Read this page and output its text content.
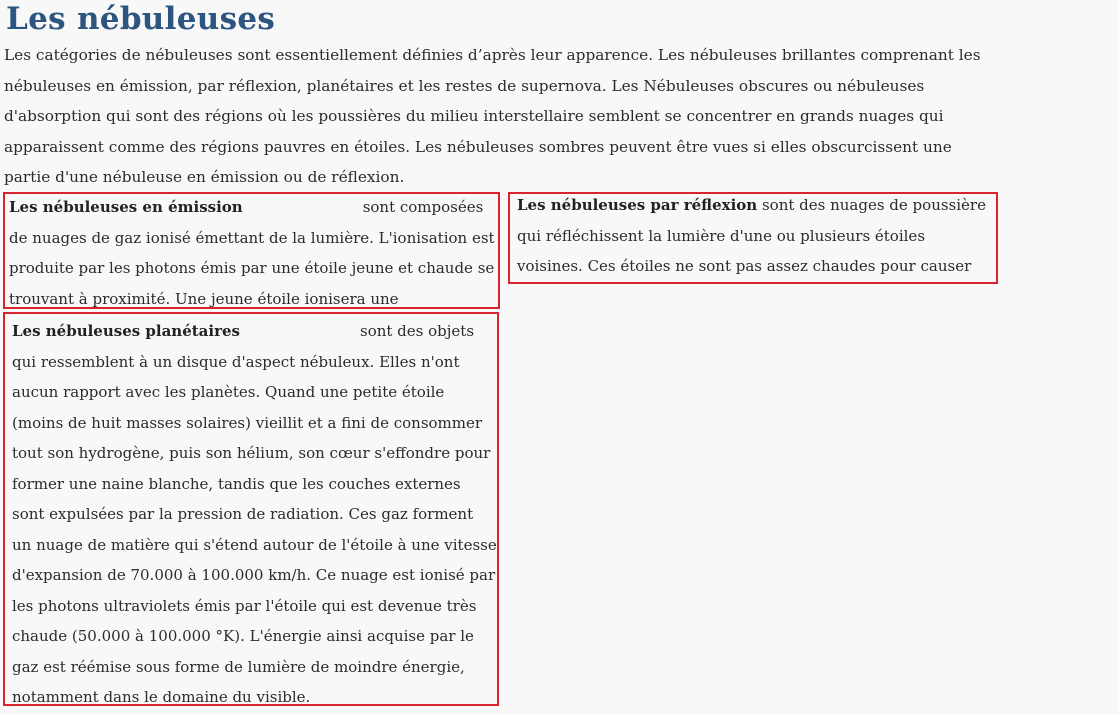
Les nébuleuses

Les catégories de nébuleuses sont essentiellement définies d’après leur apparence. Les nébuleuses brillantes comprenant les nébuleuses en émission, par réflexion, planétaires et les restes de supernova. Les Nébuleuses obscures ou nébuleuses d'absorption qui sont des régions où les poussières du milieu interstellaire semblent se concentrer en grands nuages qui apparaissent comme des régions pauvres en étoiles. Les nébuleuses sombres peuvent être vues si elles obscurcissent une partie d'une nébuleuse en émission ou de réflexion.

Les nébuleuses en émission	sont composées de nuages de gaz ionisé émettant de la lumière. L'ionisation est produite par les photons émis par une étoile jeune et chaude se trouvant à proximité. Une jeune étoile ionisera une

Les nébuleuses par réflexion sont des nuages de poussière qui réfléchissent la lumière d'une ou plusieurs étoiles voisines. Ces étoiles ne sont pas assez chaudes pour causer

Les nébuleuses planétaires	sont des objets qui ressemblent à un disque d'aspect nébuleux. Elles n'ont aucun rapport avec les planètes. Quand une petite étoile (moins de huit masses solaires) vieillit et a fini de consommer tout son hydrogène, puis son hélium, son cœur s'effondre pour former une naine blanche, tandis que les couches externes sont expulsées par la pression de radiation. Ces gaz forment un nuage de matière qui s'étend autour de l'étoile à une vitesse d'expansion de 70.000 à 100.000 km/h. Ce nuage est ionisé par les photons ultraviolets émis par l'étoile qui est devenue très chaude (50.000 à 100.000 °K). L'énergie ainsi acquise par le gaz est réémise sous forme de lumière de moindre énergie, notamment dans le domaine du visible.
